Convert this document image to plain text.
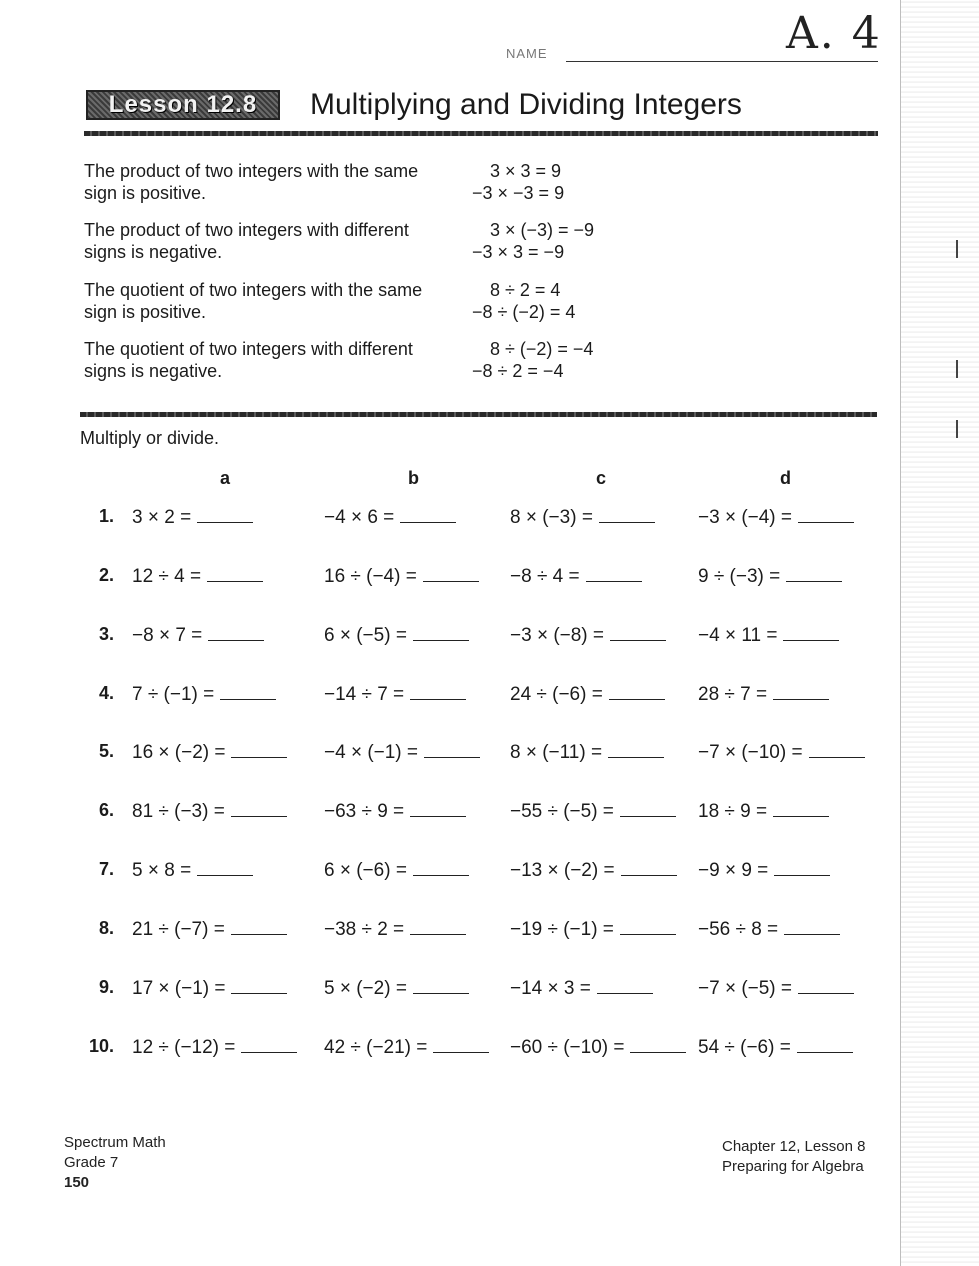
A. 4
NAME
Lesson 12.8	Multiplying and Dividing Integers
The product of two integers with the same sign is positive.
3 × 3 = 9
−3 × −3 = 9
The product of two integers with different signs is negative.
3 × (−3) = −9
−3 × 3 = −9
The quotient of two integers with the same sign is positive.
8 ÷ 2 = 4
−8 ÷ (−2) = 4
The quotient of two integers with different signs is negative.
8 ÷ (−2) = −4
−8 ÷ 2 = −4
Multiply or divide.
a	b	c	d
1. 3 × 2 =	−4 × 6 =	8 × (−3) =	−3 × (−4) =
2. 12 ÷ 4 =	16 ÷ (−4) =	−8 ÷ 4 =	9 ÷ (−3) =
3. −8 × 7 =	6 × (−5) =	−3 × (−8) =	−4 × 11 =
4. 7 ÷ (−1) =	−14 ÷ 7 =	24 ÷ (−6) =	28 ÷ 7 =
5. 16 × (−2) =	−4 × (−1) =	8 × (−11) =	−7 × (−10) =
6. 81 ÷ (−3) =	−63 ÷ 9 =	−55 ÷ (−5) =	18 ÷ 9 =
7. 5 × 8 =	6 × (−6) =	−13 × (−2) =	−9 × 9 =
8. 21 ÷ (−7) =	−38 ÷ 2 =	−19 ÷ (−1) =	−56 ÷ 8 =
9. 17 × (−1) =	5 × (−2) =	−14 × 3 =	−7 × (−5) =
10. 12 ÷ (−12) =	42 ÷ (−21) =	−60 ÷ (−10) =	54 ÷ (−6) =
Spectrum Math
Grade 7
150
Chapter 12, Lesson 8
Preparing for Algebra
